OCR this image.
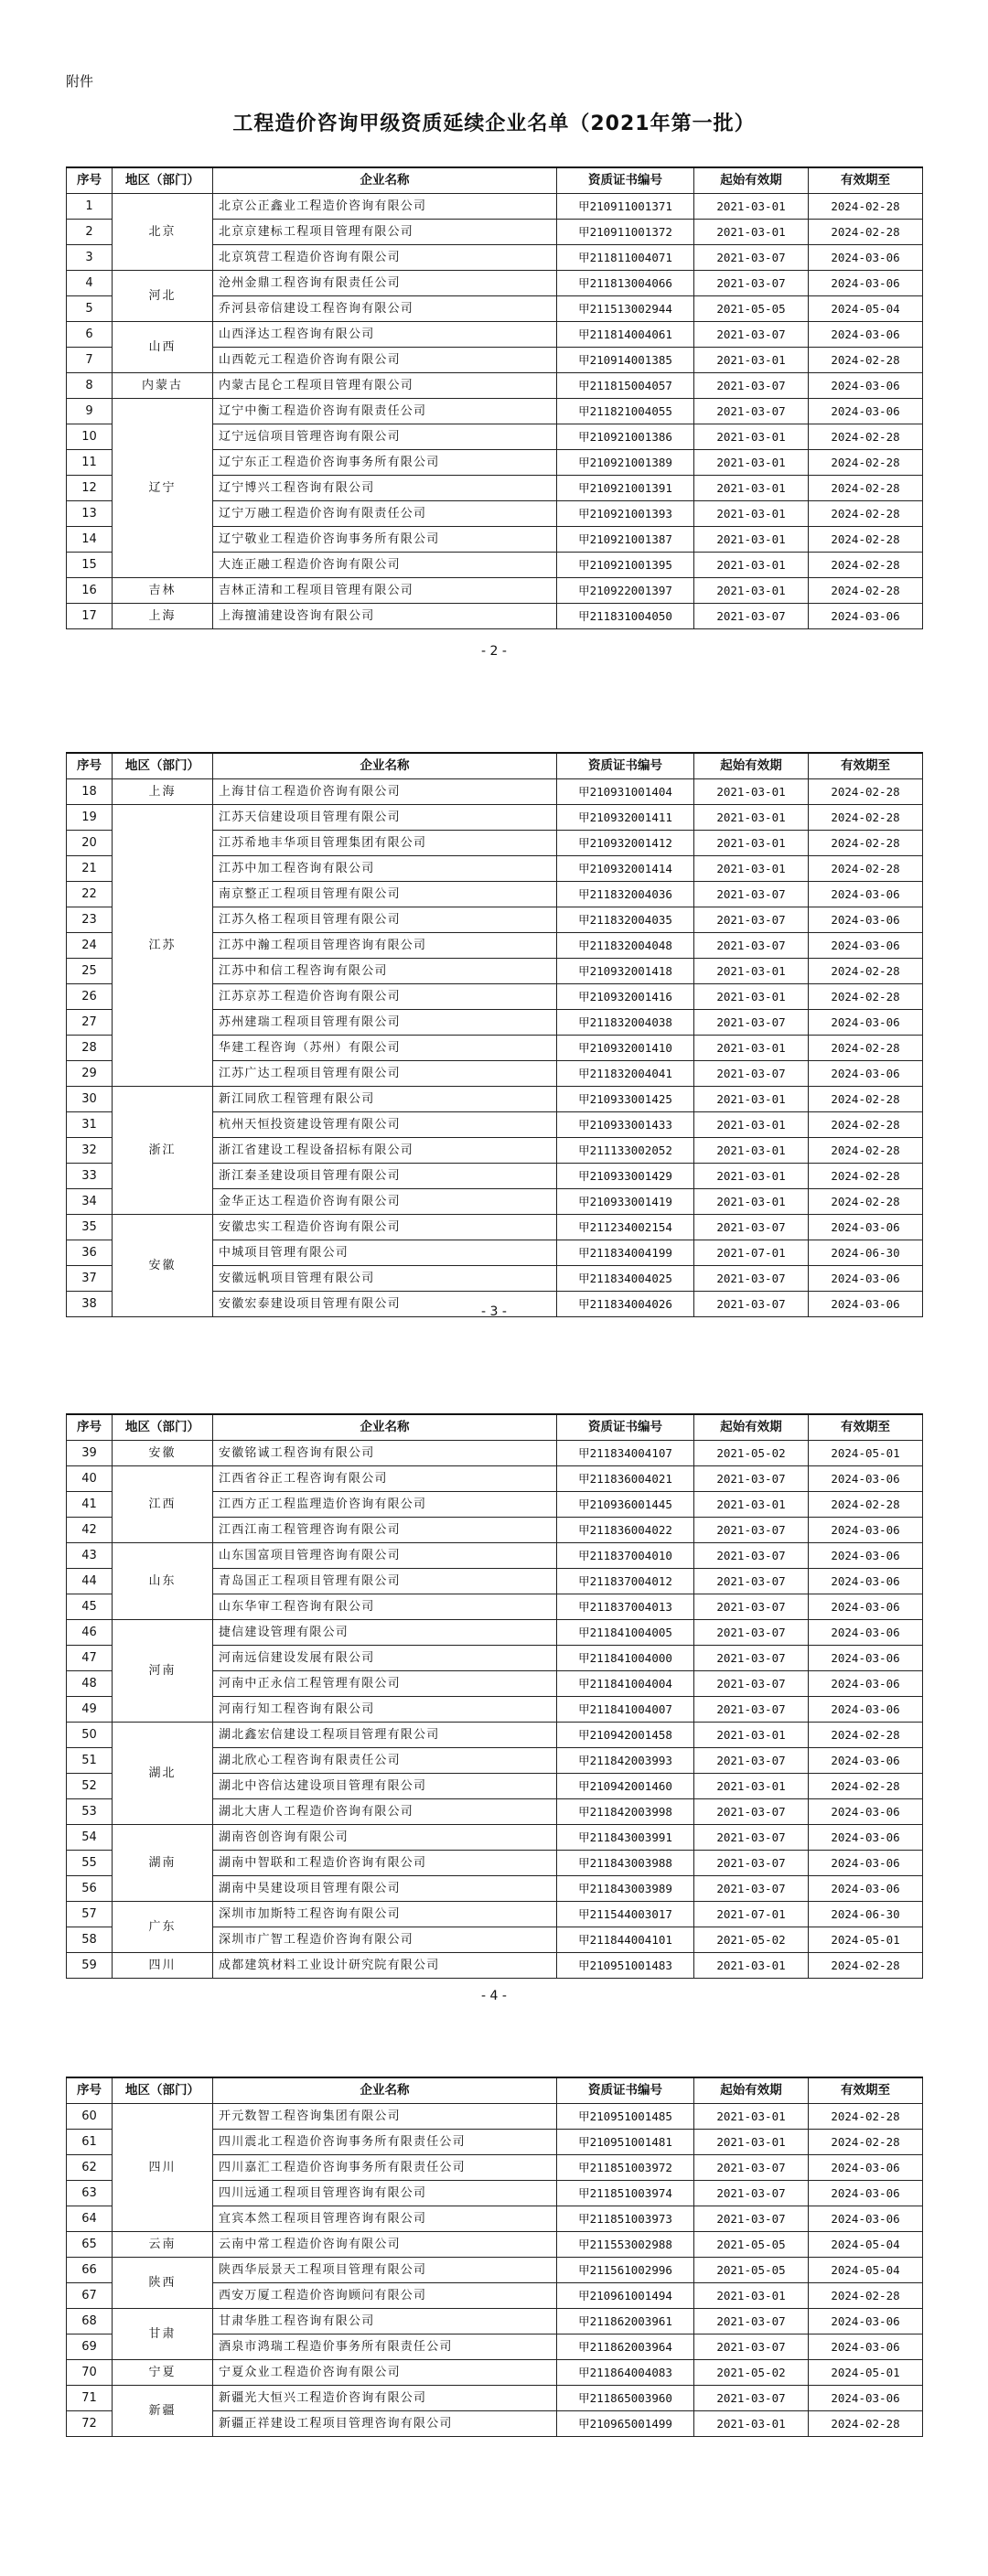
附件
工程造价咨询甲级资质延续企业名单（2021年第一批）
序号	地区（部门）	企业名称	资质证书编号	起始有效期	有效期至
1	北京	北京公正鑫业工程造价咨询有限公司	甲210911001371	2021-03-01	2024-02-28
2		北京京建标工程项目管理有限公司	甲210911001372	2021-03-01	2024-02-28
3		北京筑营工程造价咨询有限公司	甲211811004071	2021-03-07	2024-03-06
4	河北	沧州金鼎工程咨询有限责任公司	甲211813004066	2021-03-07	2024-03-06
5		乔河县帝信建设工程咨询有限公司	甲211513002944	2021-05-05	2024-05-04
6	山西	山西泽达工程咨询有限公司	甲211814004061	2021-03-07	2024-03-06
7		山西乾元工程造价咨询有限公司	甲210914001385	2021-03-01	2024-02-28
8	内蒙古	内蒙古昆仑工程项目管理有限公司	甲211815004057	2021-03-07	2024-03-06
9	辽宁	辽宁中衡工程造价咨询有限责任公司	甲211821004055	2021-03-07	2024-03-06
10		辽宁远信项目管理咨询有限公司	甲210921001386	2021-03-01	2024-02-28
11		辽宁东正工程造价咨询事务所有限公司	甲210921001389	2021-03-01	2024-02-28
12		辽宁博兴工程咨询有限公司	甲210921001391	2021-03-01	2024-02-28
13		辽宁万融工程造价咨询有限责任公司	甲210921001393	2021-03-01	2024-02-28
14		辽宁敬业工程造价咨询事务所有限公司	甲210921001387	2021-03-01	2024-02-28
15		大连正融工程造价咨询有限公司	甲210921001395	2021-03-01	2024-02-28
16	吉林	吉林正清和工程项目管理有限公司	甲210922001397	2021-03-01	2024-02-28
17	上海	上海擅浦建设咨询有限公司	甲211831004050	2021-03-07	2024-03-06
- 2 -
序号	地区（部门）	企业名称	资质证书编号	起始有效期	有效期至
18	上海	上海甘信工程造价咨询有限公司	甲210931001404	2021-03-01	2024-02-28
19	江苏	江苏天信建设项目管理有限公司	甲210932001411	2021-03-01	2024-02-28
20		江苏希地丰华项目管理集团有限公司	甲210932001412	2021-03-01	2024-02-28
21		江苏中加工程咨询有限公司	甲210932001414	2021-03-01	2024-02-28
22		南京整正工程项目管理有限公司	甲211832004036	2021-03-07	2024-03-06
23		江苏久格工程项目管理有限公司	甲211832004035	2021-03-07	2024-03-06
24		江苏中瀚工程项目管理咨询有限公司	甲211832004048	2021-03-07	2024-03-06
25		江苏中和信工程咨询有限公司	甲210932001418	2021-03-01	2024-02-28
26		江苏京苏工程造价咨询有限公司	甲210932001416	2021-03-01	2024-02-28
27		苏州建瑞工程项目管理有限公司	甲211832004038	2021-03-07	2024-03-06
28		华建工程咨询（苏州）有限公司	甲210932001410	2021-03-01	2024-02-28
29		江苏广达工程项目管理有限公司	甲211832004041	2021-03-07	2024-03-06
30	浙江	新江同欣工程管理有限公司	甲210933001425	2021-03-01	2024-02-28
31		杭州天恒投资建设管理有限公司	甲210933001433	2021-03-01	2024-02-28
32		浙江省建设工程设备招标有限公司	甲211133002052	2021-03-01	2024-02-28
33		浙江秦圣建设项目管理有限公司	甲210933001429	2021-03-01	2024-02-28
34		金华正达工程造价咨询有限公司	甲210933001419	2021-03-01	2024-02-28
35	安徽	安徽忠实工程造价咨询有限公司	甲211234002154	2021-03-07	2024-03-06
36		中城项目管理有限公司	甲211834004199	2021-07-01	2024-06-30
37		安徽远帆项目管理有限公司	甲211834004025	2021-03-07	2024-03-06
38		安徽宏泰建设项目管理有限公司	甲211834004026	2021-03-07	2024-03-06
- 3 -
序号	地区（部门）	企业名称	资质证书编号	起始有效期	有效期至
39	安徽	安徽铭诚工程咨询有限公司	甲211834004107	2021-05-02	2024-05-01
40	江西	江西省谷正工程咨询有限公司	甲211836004021	2021-03-07	2024-03-06
41		江西方正工程监理造价咨询有限公司	甲210936001445	2021-03-01	2024-02-28
42		江西江南工程管理咨询有限公司	甲211836004022	2021-03-07	2024-03-06
43	山东	山东国富项目管理咨询有限公司	甲211837004010	2021-03-07	2024-03-06
44		青岛国正工程项目管理有限公司	甲211837004012	2021-03-07	2024-03-06
45		山东华审工程咨询有限公司	甲211837004013	2021-03-07	2024-03-06
46	河南	捷信建设管理有限公司	甲211841004005	2021-03-07	2024-03-06
47		河南远信建设发展有限公司	甲211841004000	2021-03-07	2024-03-06
48		河南中正永信工程管理有限公司	甲211841004004	2021-03-07	2024-03-06
49		河南行知工程咨询有限公司	甲211841004007	2021-03-07	2024-03-06
50	湖北	湖北鑫宏信建设工程项目管理有限公司	甲210942001458	2021-03-01	2024-02-28
51		湖北欣心工程咨询有限责任公司	甲211842003993	2021-03-07	2024-03-06
52		湖北中咨信达建设项目管理有限公司	甲210942001460	2021-03-01	2024-02-28
53		湖北大唐人工程造价咨询有限公司	甲211842003998	2021-03-07	2024-03-06
54	湖南	湖南咨创咨询有限公司	甲211843003991	2021-03-07	2024-03-06
55		湖南中智联和工程造价咨询有限公司	甲211843003988	2021-03-07	2024-03-06
56		湖南中昊建设项目管理有限公司	甲211843003989	2021-03-07	2024-03-06
57	广东	深圳市加斯特工程咨询有限公司	甲211544003017	2021-07-01	2024-06-30
58		深圳市广智工程造价咨询有限公司	甲211844004101	2021-05-02	2024-05-01
59	四川	成都建筑材料工业设计研究院有限公司	甲210951001483	2021-03-01	2024-02-28
- 4 -
序号	地区（部门）	企业名称	资质证书编号	起始有效期	有效期至
60	四川	开元数智工程咨询集团有限公司	甲210951001485	2021-03-01	2024-02-28
61		四川震北工程造价咨询事务所有限责任公司	甲210951001481	2021-03-01	2024-02-28
62		四川嘉汇工程造价咨询事务所有限责任公司	甲211851003972	2021-03-07	2024-03-06
63		四川远通工程项目管理咨询有限公司	甲211851003974	2021-03-07	2024-03-06
64		宜宾本然工程项目管理咨询有限公司	甲211851003973	2021-03-07	2024-03-06
65	云南	云南中常工程造价咨询有限公司	甲211553002988	2021-05-05	2024-05-04
66	陕西	陕西华辰景天工程项目管理有限公司	甲211561002996	2021-05-05	2024-05-04
67		西安万厦工程造价咨询顾问有限公司	甲210961001494	2021-03-01	2024-02-28
68	甘肃	甘肃华胜工程咨询有限公司	甲211862003961	2021-03-07	2024-03-06
69		酒泉市鸿瑞工程造价事务所有限责任公司	甲211862003964	2021-03-07	2024-03-06
70	宁夏	宁夏众业工程造价咨询有限公司	甲211864004083	2021-05-02	2024-05-01
71	新疆	新疆光大恒兴工程造价咨询有限公司	甲211865003960	2021-03-07	2024-03-06
72		新疆正祥建设工程项目管理咨询有限公司	甲210965001499	2021-03-01	2024-02-28
